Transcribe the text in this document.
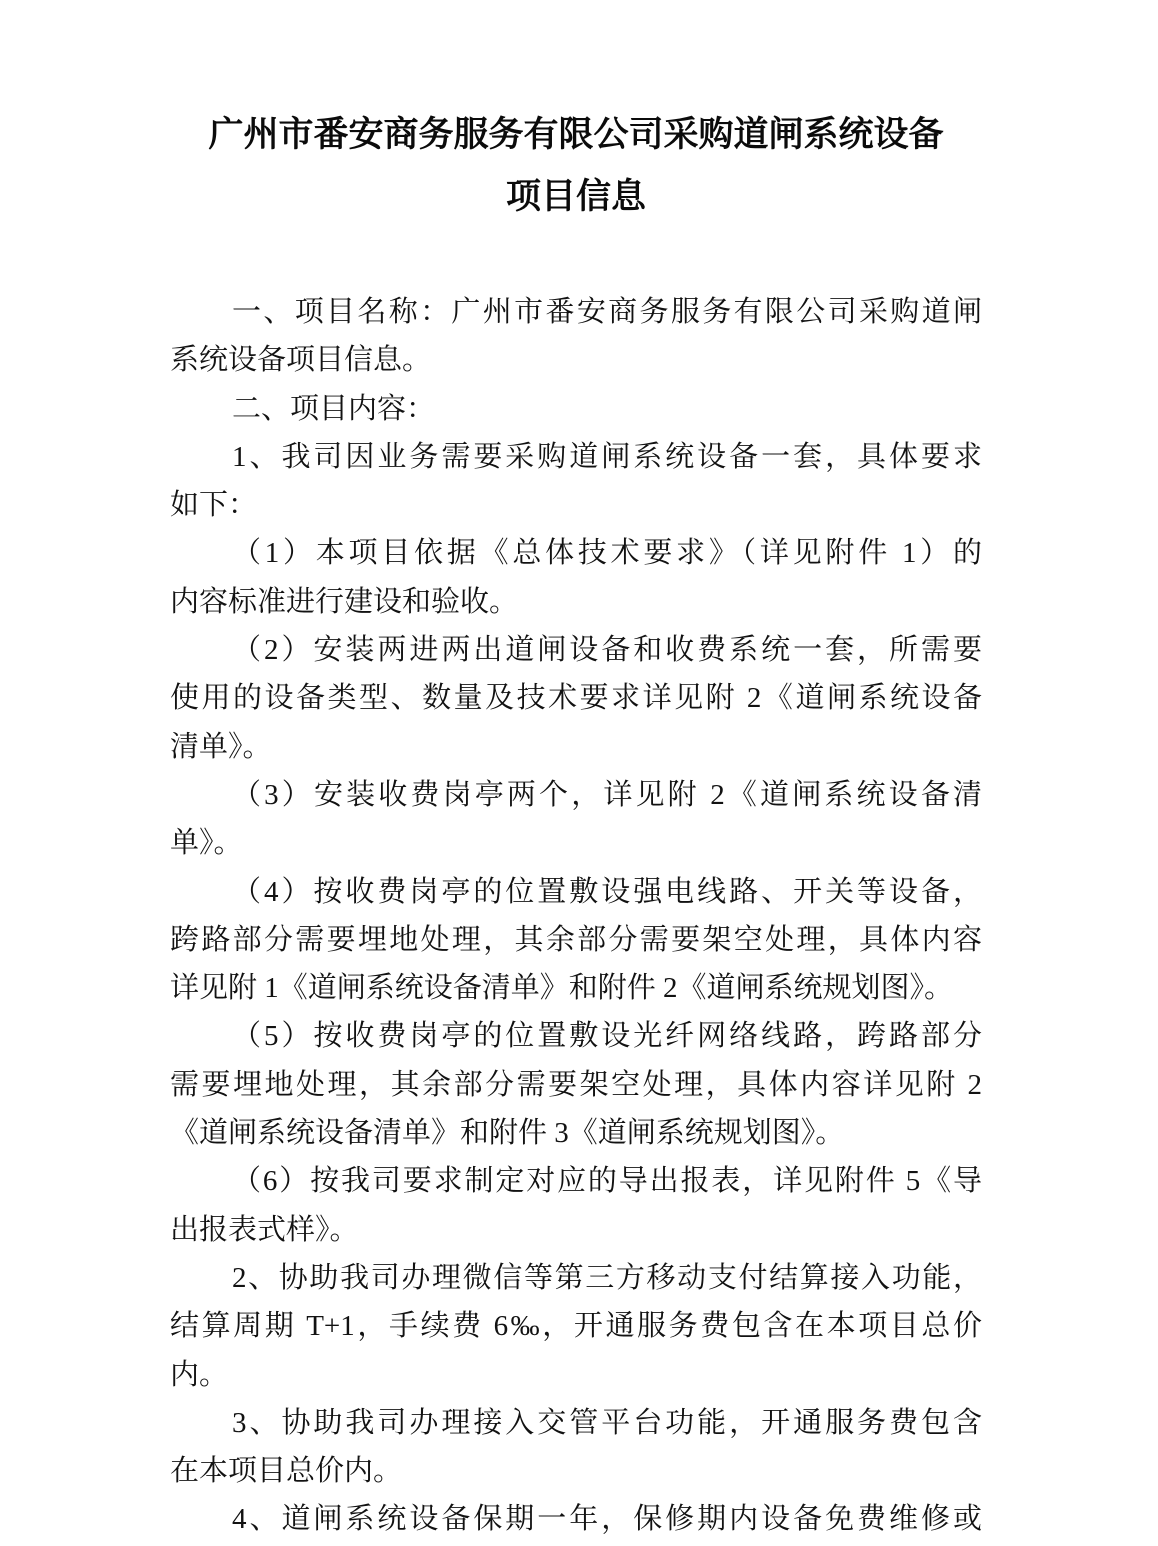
广州市番安商务服务有限公司采购道闸系统设备
项目信息
一、项目名称：广州市番安商务服务有限公司采购道闸
系统设备项目信息。
二、项目内容：
1、我司因业务需要采购道闸系统设备一套，具体要求
如下：
（1）本项目依据《总体技术要求》（详见附件 1）的
内容标准进行建设和验收。
（2）安装两进两出道闸设备和收费系统一套，所需要
使用的设备类型、数量及技术要求详见附 2《道闸系统设备
清单》。
（3）安装收费岗亭两个，详见附 2《道闸系统设备清
单》。
（4）按收费岗亭的位置敷设强电线路、开关等设备，
跨路部分需要埋地处理，其余部分需要架空处理，具体内容
详见附 1《道闸系统设备清单》和附件 2《道闸系统规划图》。
（5）按收费岗亭的位置敷设光纤网络线路，跨路部分
需要埋地处理，其余部分需要架空处理，具体内容详见附 2
《道闸系统设备清单》和附件 3《道闸系统规划图》。
（6）按我司要求制定对应的导出报表，详见附件 5《导
出报表式样》。
2、协助我司办理微信等第三方移动支付结算接入功能，
结算周期 T+1，手续费 6‰，开通服务费包含在本项目总价
内。
3、协助我司办理接入交管平台功能，开通服务费包含
在本项目总价内。
4、道闸系统设备保期一年，保修期内设备免费维修或
